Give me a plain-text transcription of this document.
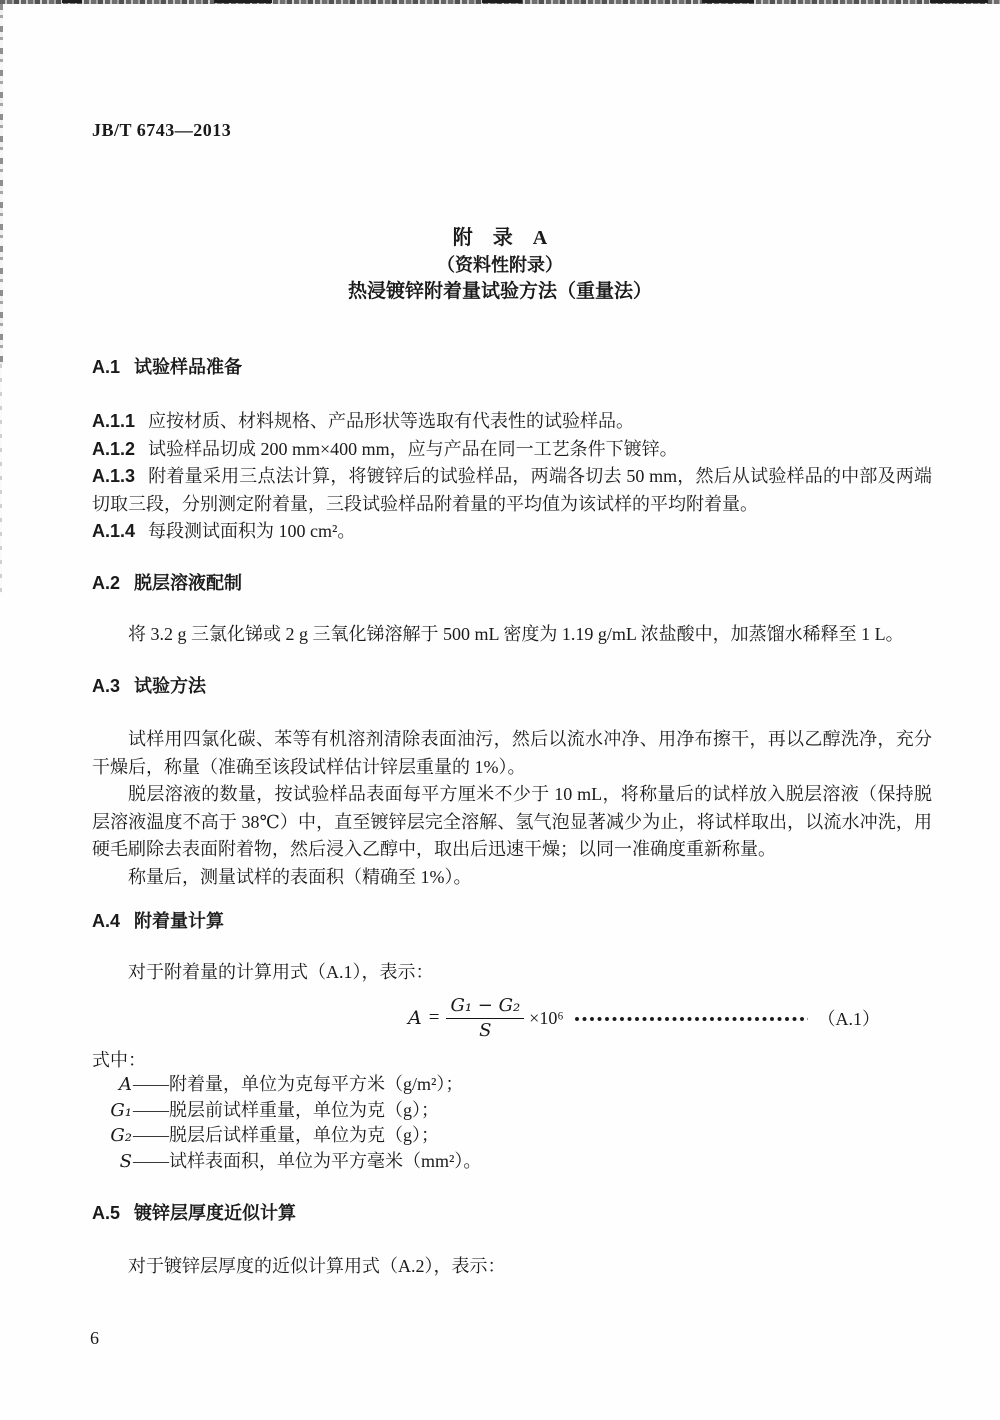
JB/T 6743—2013
附　录　A
（资料性附录）
热浸镀锌附着量试验方法（重量法）
A.1 试验样品准备

A.1.1 应按材质、材料规格、产品形状等选取有代表性的试验样品。

A.1.2 试验样品切成 200 mm×400 mm，应与产品在同一工艺条件下镀锌。

A.1.3 附着量采用三点法计算，将镀锌后的试验样品，两端各切去 50 mm，然后从试验样品的中部及两端切取三段，分别测定附着量，三段试验样品附着量的平均值为该试样的平均附着量。

A.1.4 每段测试面积为 100 cm²。

A.2 脱层溶液配制

将 3.2 g 三氯化锑或 2 g 三氧化锑溶解于 500 mL 密度为 1.19 g/mL 浓盐酸中，加蒸馏水稀释至 1 L。

A.3 试验方法

试样用四氯化碳、苯等有机溶剂清除表面油污，然后以流水冲净、用净布擦干，再以乙醇洗净，充分干燥后，称量（准确至该段试样估计锌层重量的 1%）。

脱层溶液的数量，按试验样品表面每平方厘米不少于 10 mL，将称量后的试样放入脱层溶液（保持脱层溶液温度不高于 38℃）中，直至镀锌层完全溶解、氢气泡显著减少为止，将试样取出，以流水冲洗，用硬毛刷除去表面附着物，然后浸入乙醇中，取出后迅速干燥；以同一准确度重新称量。

称量后，测量试样的表面积（精确至 1%）。

A.4 附着量计算

对于附着量的计算用式（A.1），表示：

$A = \frac{\text{G₁ − G₂}}{S} \times 10^6$	（A.1）
式中：
A ——附着量，单位为克每平方米（g/m²）；
G₁ ——脱层前试样重量，单位为克（g）；
G₂ ——脱层后试样重量，单位为克（g）；
S ——试样表面积，单位为平方毫米（mm²）。
A.5 镀锌层厚度近似计算

对于镀锌层厚度的近似计算用式（A.2），表示：

6
